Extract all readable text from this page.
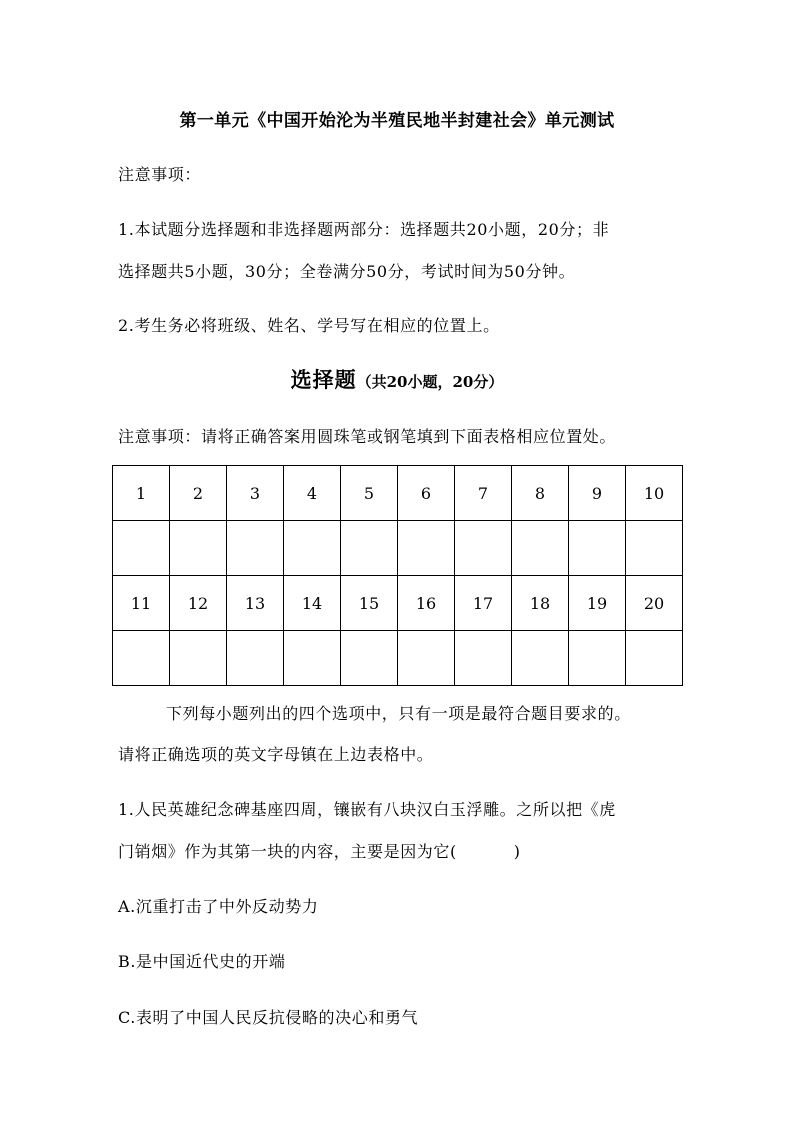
第一单元《中国开始沦为半殖民地半封建社会》单元测试
注意事项：
1.本试题分选择题和非选择题两部分：选择题共20小题，20分；非
选择题共5小题，30分；全卷满分50分，考试时间为50分钟。
2.考生务必将班级、姓名、学号写在相应的位置上。
选择题（共20小题，20分）
注意事项：请将正确答案用圆珠笔或钢笔填到下面表格相应位置处。
1	2	3	4	5	6	7	8	9	10

11	12	13	14	15	16	17	18	19	20

下列每小题列出的四个选项中，只有一项是最符合题目要求的。
请将正确选项的英文字母镇在上边表格中。
1.人民英雄纪念碑基座四周，镶嵌有八块汉白玉浮雕。之所以把《虎
门销烟》作为其第一块的内容，主要是因为它(          )
A.沉重打击了中外反动势力
B.是中国近代史的开端
C.表明了中国人民反抗侵略的决心和勇气
